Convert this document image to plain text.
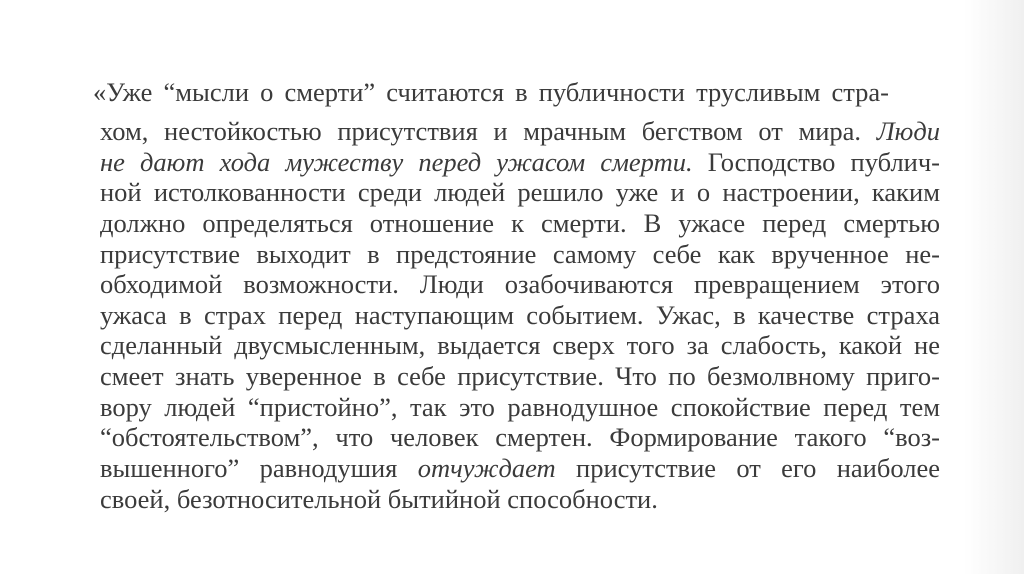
«Уже “мысли о смерти” считаются в публичности трусливым стра-
хом, нестойкостью присутствия и мрачным бегством от мира. Люди
не дают хода мужеству перед ужасом смерти. Господство публич-
ной истолкованности среди людей решило уже и о настроении, каким
должно определяться отношение к смерти. В ужасе перед смертью
присутствие выходит в предстояние самому себе как врученное не-
обходимой возможности. Люди озабочиваются превращением этого
ужаса в страх перед наступающим событием. Ужас, в качестве страха
сделанный двусмысленным, выдается сверх того за слабость, какой не
смеет знать уверенное в себе присутствие. Что по безмолвному приго-
вору людей “пристойно”, так это равнодушное спокойствие перед тем
“обстоятельством”, что человек смертен. Формирование такого “воз-
вышенного” равнодушия отчуждает присутствие от его наиболее
своей, безотносительной бытийной способности.
